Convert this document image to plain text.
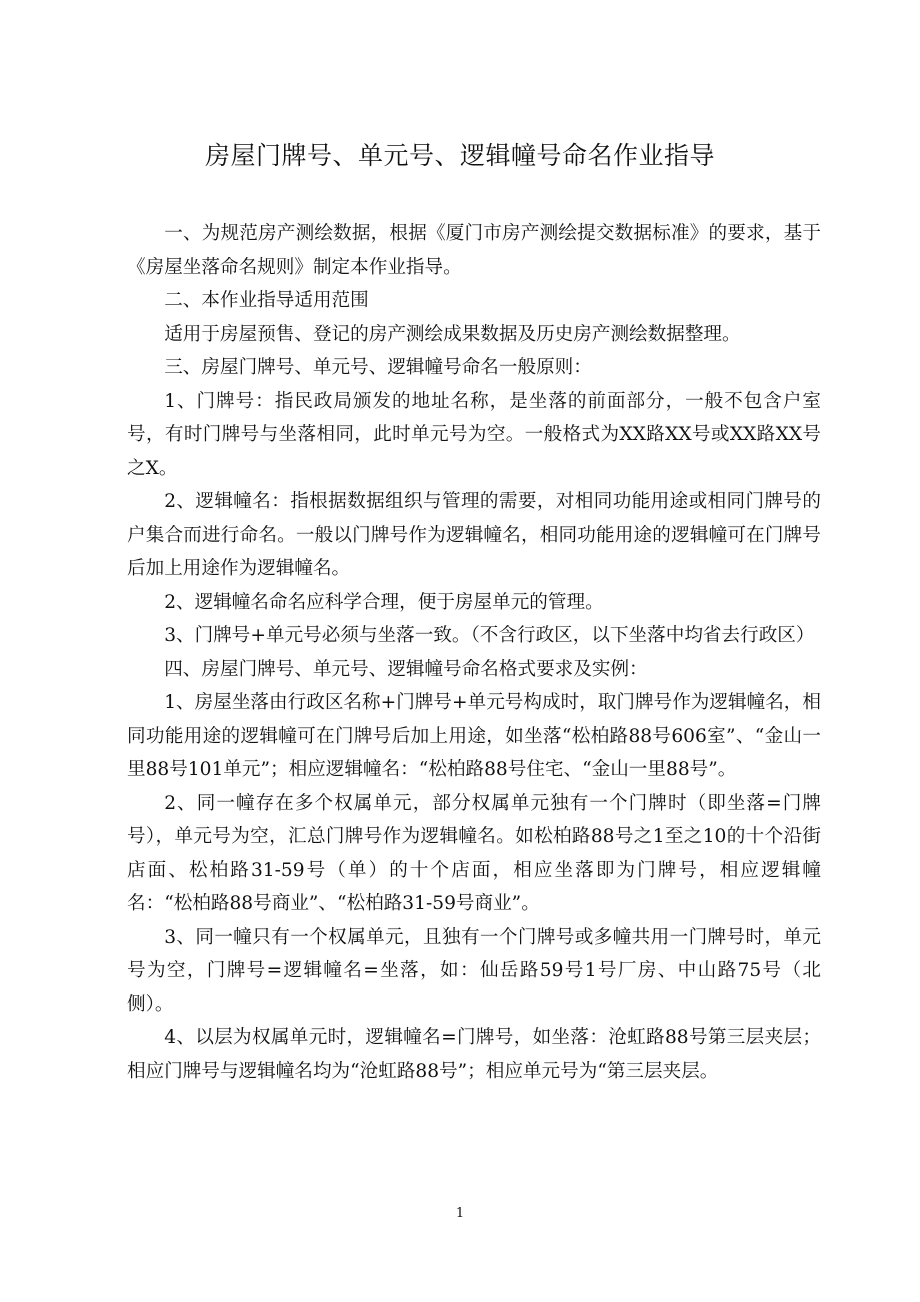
房屋门牌号、单元号、逻辑幢号命名作业指导

一、为规范房产测绘数据，根据《厦门市房产测绘提交数据标准》的要求，基于《房屋坐落命名规则》制定本作业指导。

二、本作业指导适用范围

适用于房屋预售、登记的房产测绘成果数据及历史房产测绘数据整理。

三、房屋门牌号、单元号、逻辑幢号命名一般原则：

1、门牌号：指民政局颁发的地址名称，是坐落的前面部分，一般不包含户室号，有时门牌号与坐落相同，此时单元号为空。一般格式为XX路XX号或XX路XX号之X。

2、逻辑幢名：指根据数据组织与管理的需要，对相同功能用途或相同门牌号的户集合而进行命名。一般以门牌号作为逻辑幢名，相同功能用途的逻辑幢可在门牌号后加上用途作为逻辑幢名。

2、逻辑幢名命名应科学合理，便于房屋单元的管理。

3、门牌号+单元号必须与坐落一致。（不含行政区，以下坐落中均省去行政区）

四、房屋门牌号、单元号、逻辑幢号命名格式要求及实例：

1、房屋坐落由行政区名称+门牌号+单元号构成时，取门牌号作为逻辑幢名，相同功能用途的逻辑幢可在门牌号后加上用途，如坐落“松柏路88号606室”、“金山一里88号101单元”；相应逻辑幢名：“松柏路88号住宅、“金山一里88号”。

2、同一幢存在多个权属单元，部分权属单元独有一个门牌时（即坐落=门牌号），单元号为空，汇总门牌号作为逻辑幢名。如松柏路88号之1至之10的十个沿街店面、松柏路31-59号（单）的十个店面，相应坐落即为门牌号，相应逻辑幢名：“松柏路88号商业”、“松柏路31-59号商业”。

3、同一幢只有一个权属单元，且独有一个门牌号或多幢共用一门牌号时，单元号为空，门牌号=逻辑幢名=坐落，如：仙岳路59号1号厂房、中山路75号（北侧）。

4、以层为权属单元时，逻辑幢名=门牌号，如坐落：沧虹路88号第三层夹层；相应门牌号与逻辑幢名均为“沧虹路88号”；相应单元号为“第三层夹层。

1
